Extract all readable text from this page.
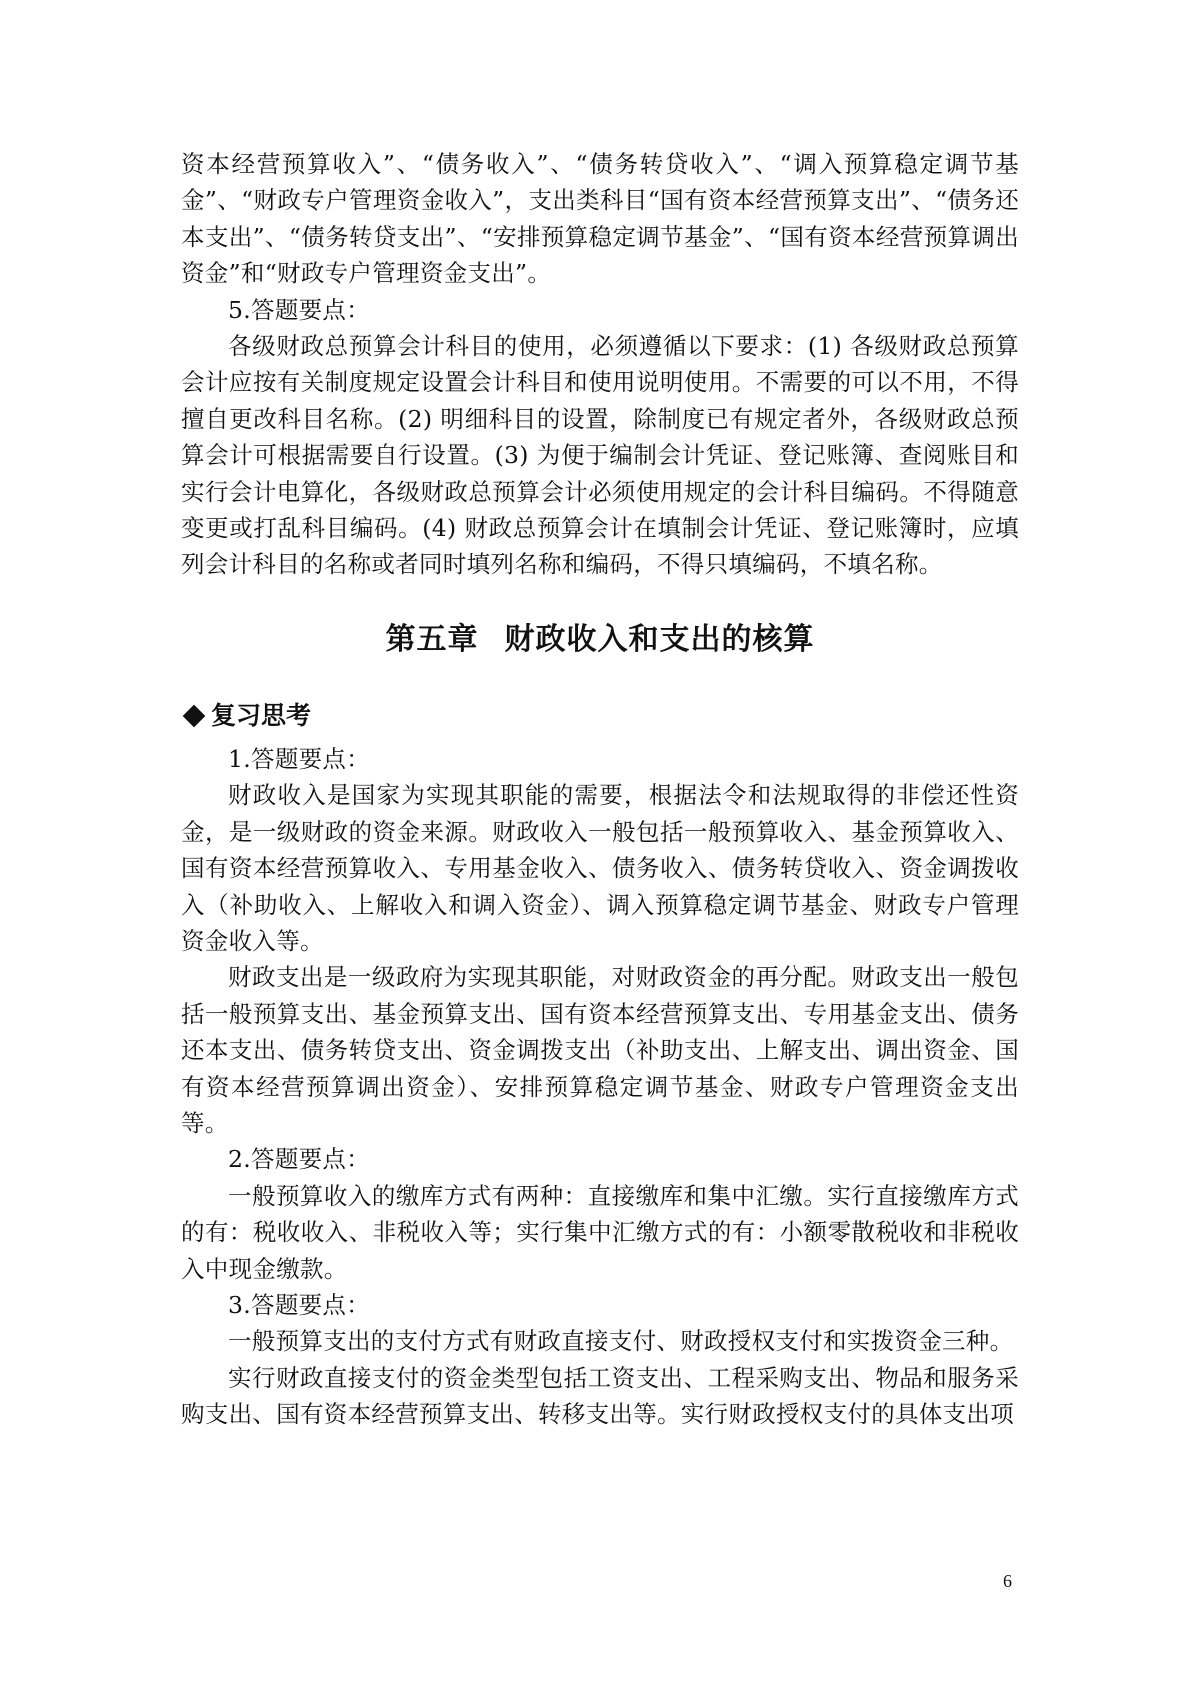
资本经营预算收入”、“债务收入”、“债务转贷收入”、“调入预算稳定调节基金”、“财政专户管理资金收入”，支出类科目“国有资本经营预算支出”、“债务还本支出”、“债务转贷支出”、“安排预算稳定调节基金”、“国有资本经营预算调出资金”和“财政专户管理资金支出”。

5.答题要点：

各级财政总预算会计科目的使用，必须遵循以下要求：(1) 各级财政总预算会计应按有关制度规定设置会计科目和使用说明使用。不需要的可以不用，不得擅自更改科目名称。(2) 明细科目的设置，除制度已有规定者外，各级财政总预算会计可根据需要自行设置。(3) 为便于编制会计凭证、登记账簿、查阅账目和实行会计电算化，各级财政总预算会计必须使用规定的会计科目编码。不得随意变更或打乱科目编码。(4) 财政总预算会计在填制会计凭证、登记账簿时，应填列会计科目的名称或者同时填列名称和编码，不得只填编码，不填名称。

第五章 财政收入和支出的核算
复习思考

1.答题要点：

财政收入是国家为实现其职能的需要，根据法令和法规取得的非偿还性资金，是一级财政的资金来源。财政收入一般包括一般预算收入、基金预算收入、国有资本经营预算收入、专用基金收入、债务收入、债务转贷收入、资金调拨收入（补助收入、上解收入和调入资金）、调入预算稳定调节基金、财政专户管理资金收入等。

财政支出是一级政府为实现其职能，对财政资金的再分配。财政支出一般包括一般预算支出、基金预算支出、国有资本经营预算支出、专用基金支出、债务还本支出、债务转贷支出、资金调拨支出（补助支出、上解支出、调出资金、国有资本经营预算调出资金）、安排预算稳定调节基金、财政专户管理资金支出等。

2.答题要点：

一般预算收入的缴库方式有两种：直接缴库和集中汇缴。实行直接缴库方式的有：税收收入、非税收入等；实行集中汇缴方式的有：小额零散税收和非税收入中现金缴款。

3.答题要点：

一般预算支出的支付方式有财政直接支付、财政授权支付和实拨资金三种。

实行财政直接支付的资金类型包括工资支出、工程采购支出、物品和服务采购支出、国有资本经营预算支出、转移支出等。实行财政授权支付的具体支出项

6
